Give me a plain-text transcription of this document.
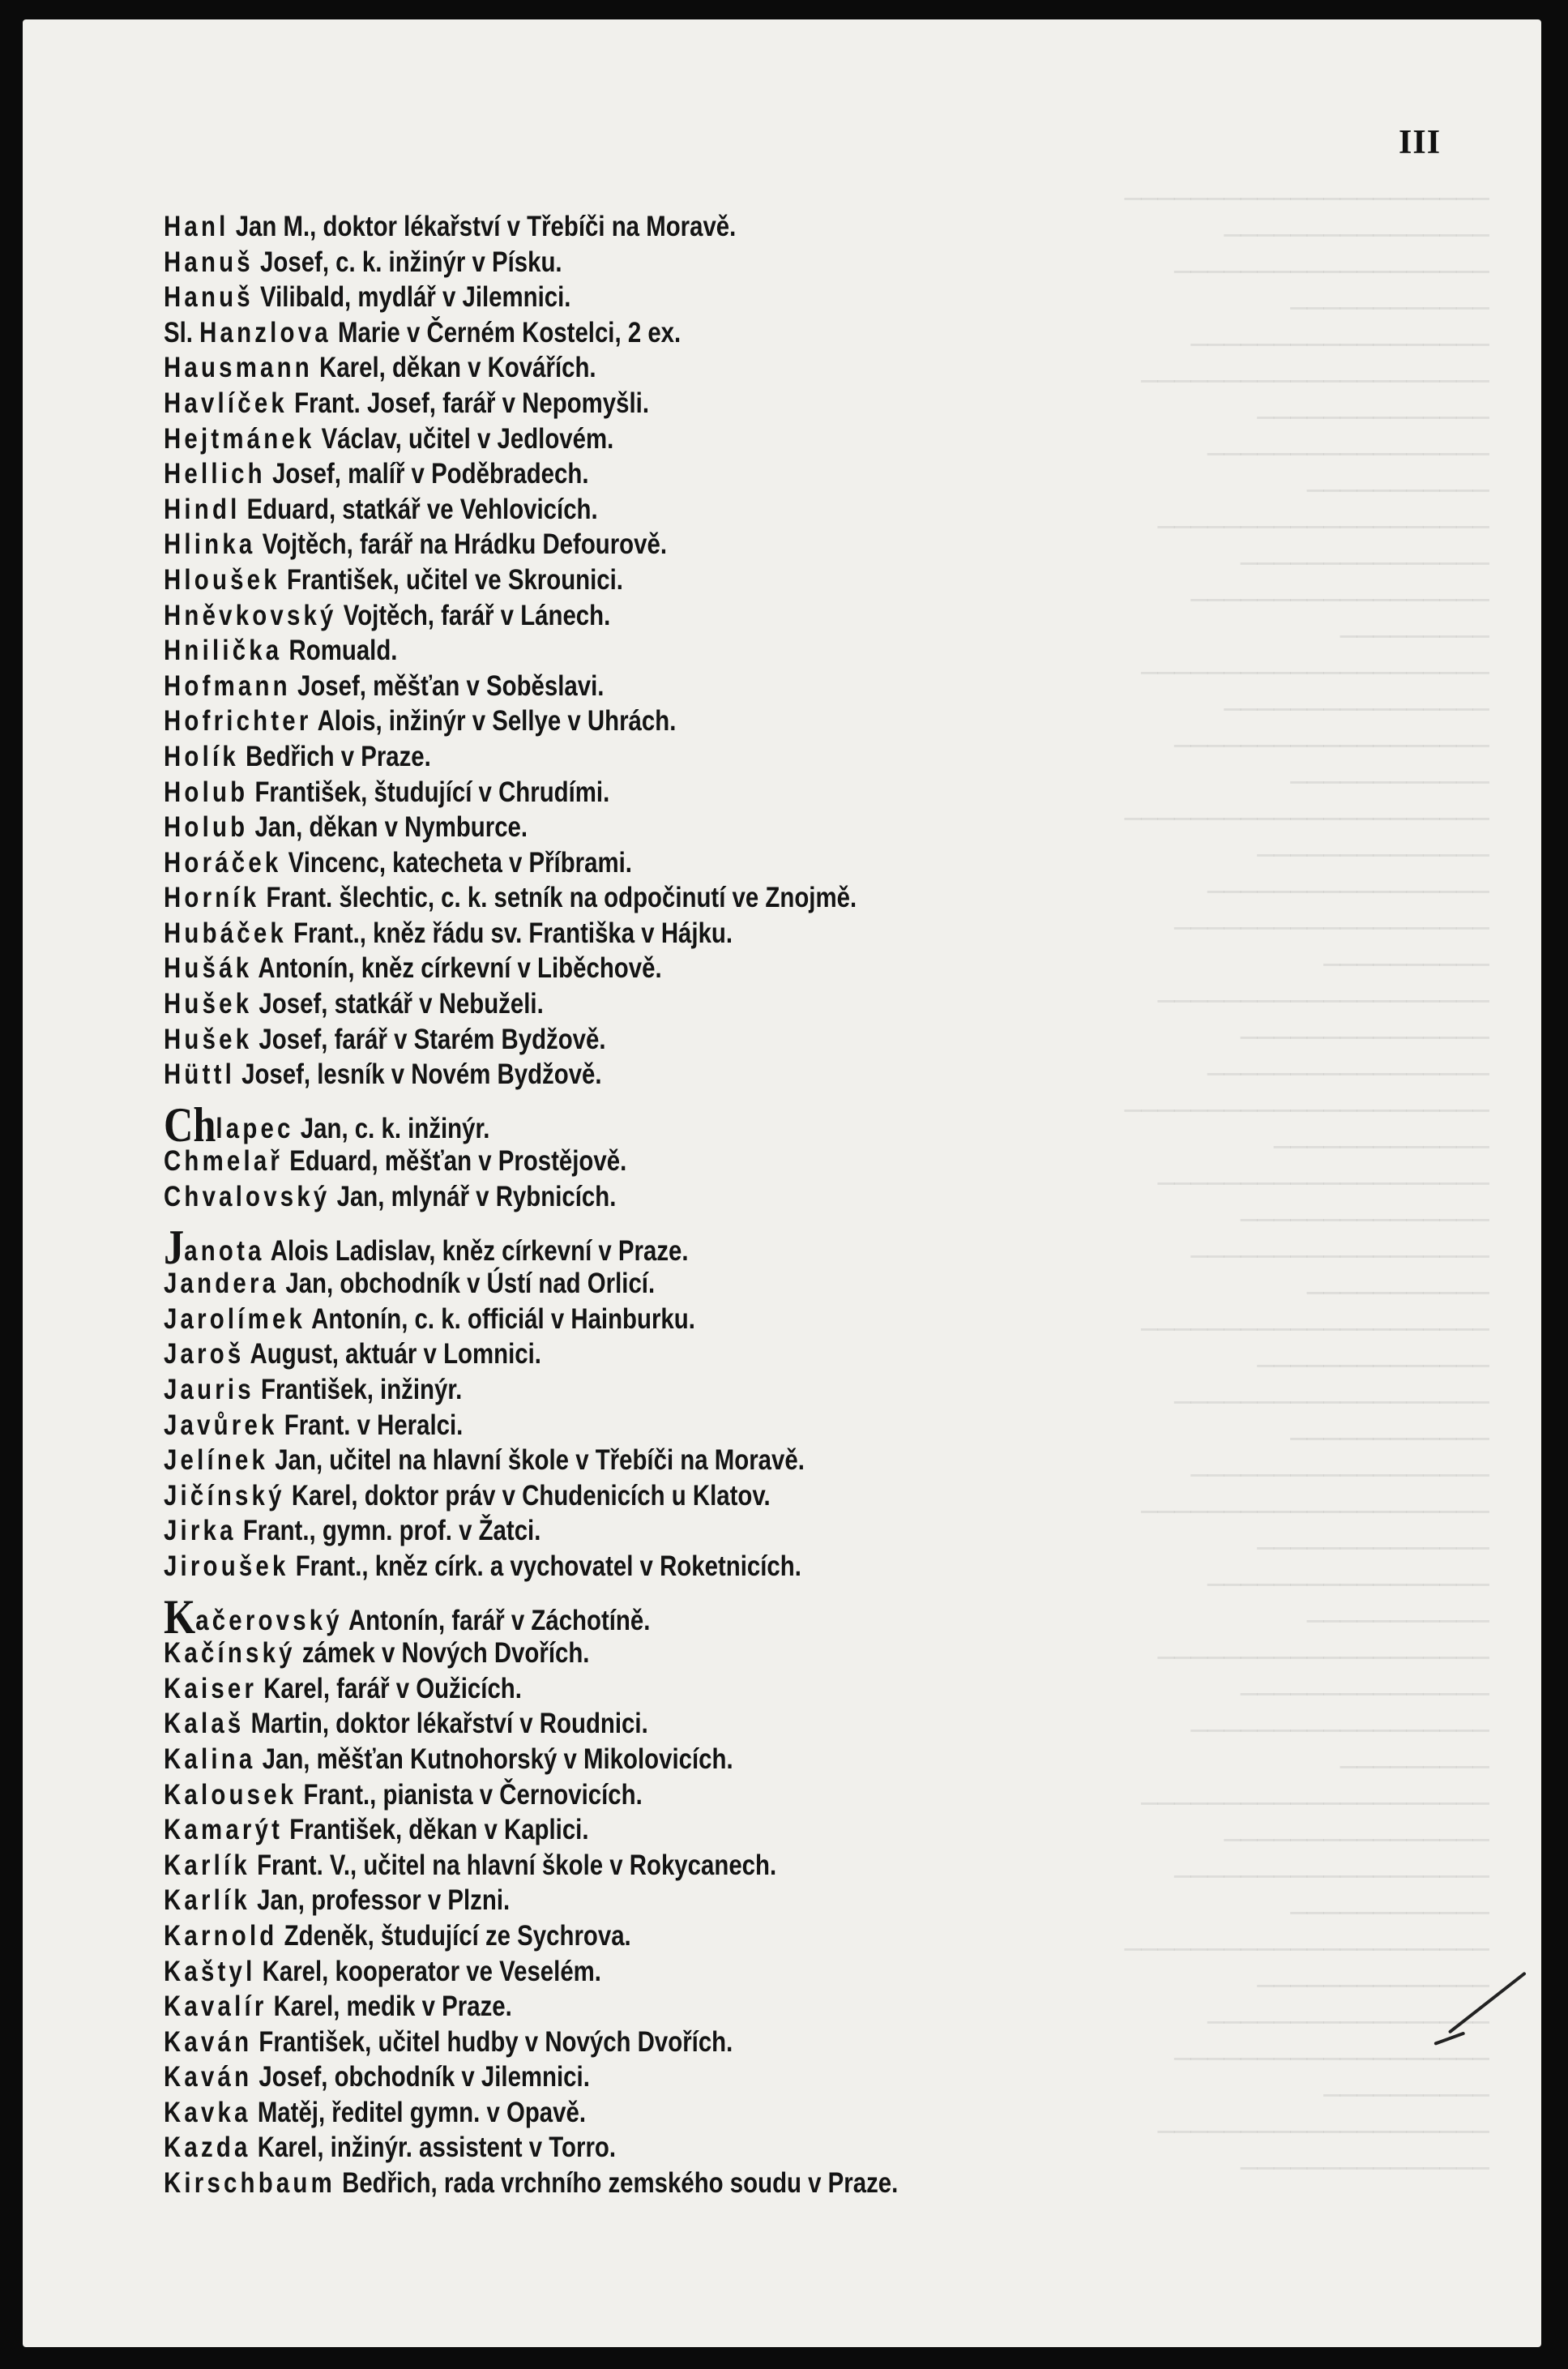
──────────────────────
────────────────
───────────────────
────────────
──────────────────
─────────────────────
──────────────
─────────────────
───────────
────────────────────
───────────────
──────────────────
─────────
─────────────────────
────────────────
───────────────────
────────────
──────────────────────
──────────────
─────────────────
───────────────────
──────────
────────────────────
───────────────
─────────────────
──────────────────────
─────────────
────────────────────
───────────────
──────────────────
───────────
─────────────────────
──────────────
───────────────────
────────────
──────────────────
─────────────────────
──────────────
─────────────────
───────────
────────────────────
───────────────
──────────────────
─────────
─────────────────────
────────────────
───────────────────
────────────
──────────────────────
──────────────
─────────────────
───────────────────
──────────
────────────────────
───────────────
III
Hanl Jan M., doktor lékařství v Třebíči na Moravě.
Hanuš Josef, c. k. inžinýr v Písku.
Hanuš Vilibald, mydlář v Jilemnici.
Sl. Hanzlova Marie v Černém Kostelci, 2 ex.
Hausmann Karel, děkan v Kovářích.
Havlíček Frant. Josef, farář v Nepomyšli.
Hejtmánek Václav, učitel v Jedlovém.
Hellich Josef, malíř v Poděbradech.
Hindl Eduard, statkář ve Vehlovicích.
Hlinka Vojtěch, farář na Hrádku Defourově.
Hloušek František, učitel ve Skrounici.
Hněvkovský Vojtěch, farář v Lánech.
Hnilička Romuald.
Hofmann Josef, měšťan v Soběslavi.
Hofrichter Alois, inžinýr v Sellye v Uhrách.
Holík Bedřich v Praze.
Holub František, študující v Chrudími.
Holub Jan, děkan v Nymburce.
Horáček Vincenc, katecheta v Příbrami.
Horník Frant. šlechtic, c. k. setník na odpočinutí ve Znojmě.
Hubáček Frant., kněz řádu sv. Františka v Hájku.
Hušák Antonín, kněz církevní v Liběchově.
Hušek Josef, statkář v Nebuželi.
Hušek Josef, farář v Starém Bydžově.
Hüttl Josef, lesník v Novém Bydžově.
Chlapec Jan, c. k. inžinýr.
Chmelař Eduard, měšťan v Prostějově.
Chvalovský Jan, mlynář v Rybnicích.
Janota Alois Ladislav, kněz církevní v Praze.
Jandera Jan, obchodník v Ústí nad Orlicí.
Jarolímek Antonín, c. k. officiál v Hainburku.
Jaroš August, aktuár v Lomnici.
Jauris František, inžinýr.
Javůrek Frant. v Heralci.
Jelínek Jan, učitel na hlavní škole v Třebíči na Moravě.
Jičínský Karel, doktor práv v Chudenicích u Klatov.
Jirka Frant., gymn. prof. v Žatci.
Jiroušek Frant., kněz círk. a vychovatel v Roketnicích.
Kačerovský Antonín, farář v Záchotíně.
Kačínský zámek v Nových Dvořích.
Kaiser Karel, farář v Oužicích.
Kalaš Martin, doktor lékařství v Roudnici.
Kalina Jan, měšťan Kutnohorský v Mikolovicích.
Kalousek Frant., pianista v Černovicích.
Kamarýt František, děkan v Kaplici.
Karlík Frant. V., učitel na hlavní škole v Rokycanech.
Karlík Jan, professor v Plzni.
Karnold Zdeněk, študující ze Sychrova.
Kaštyl Karel, kooperator ve Veselém.
Kavalír Karel, medik v Praze.
Kaván František, učitel hudby v Nových Dvořích.
Kaván Josef, obchodník v Jilemnici.
Kavka Matěj, ředitel gymn. v Opavě.
Kazda Karel, inžinýr. assistent v Torro.
Kirschbaum Bedřich, rada vrchního zemského soudu v Praze.
